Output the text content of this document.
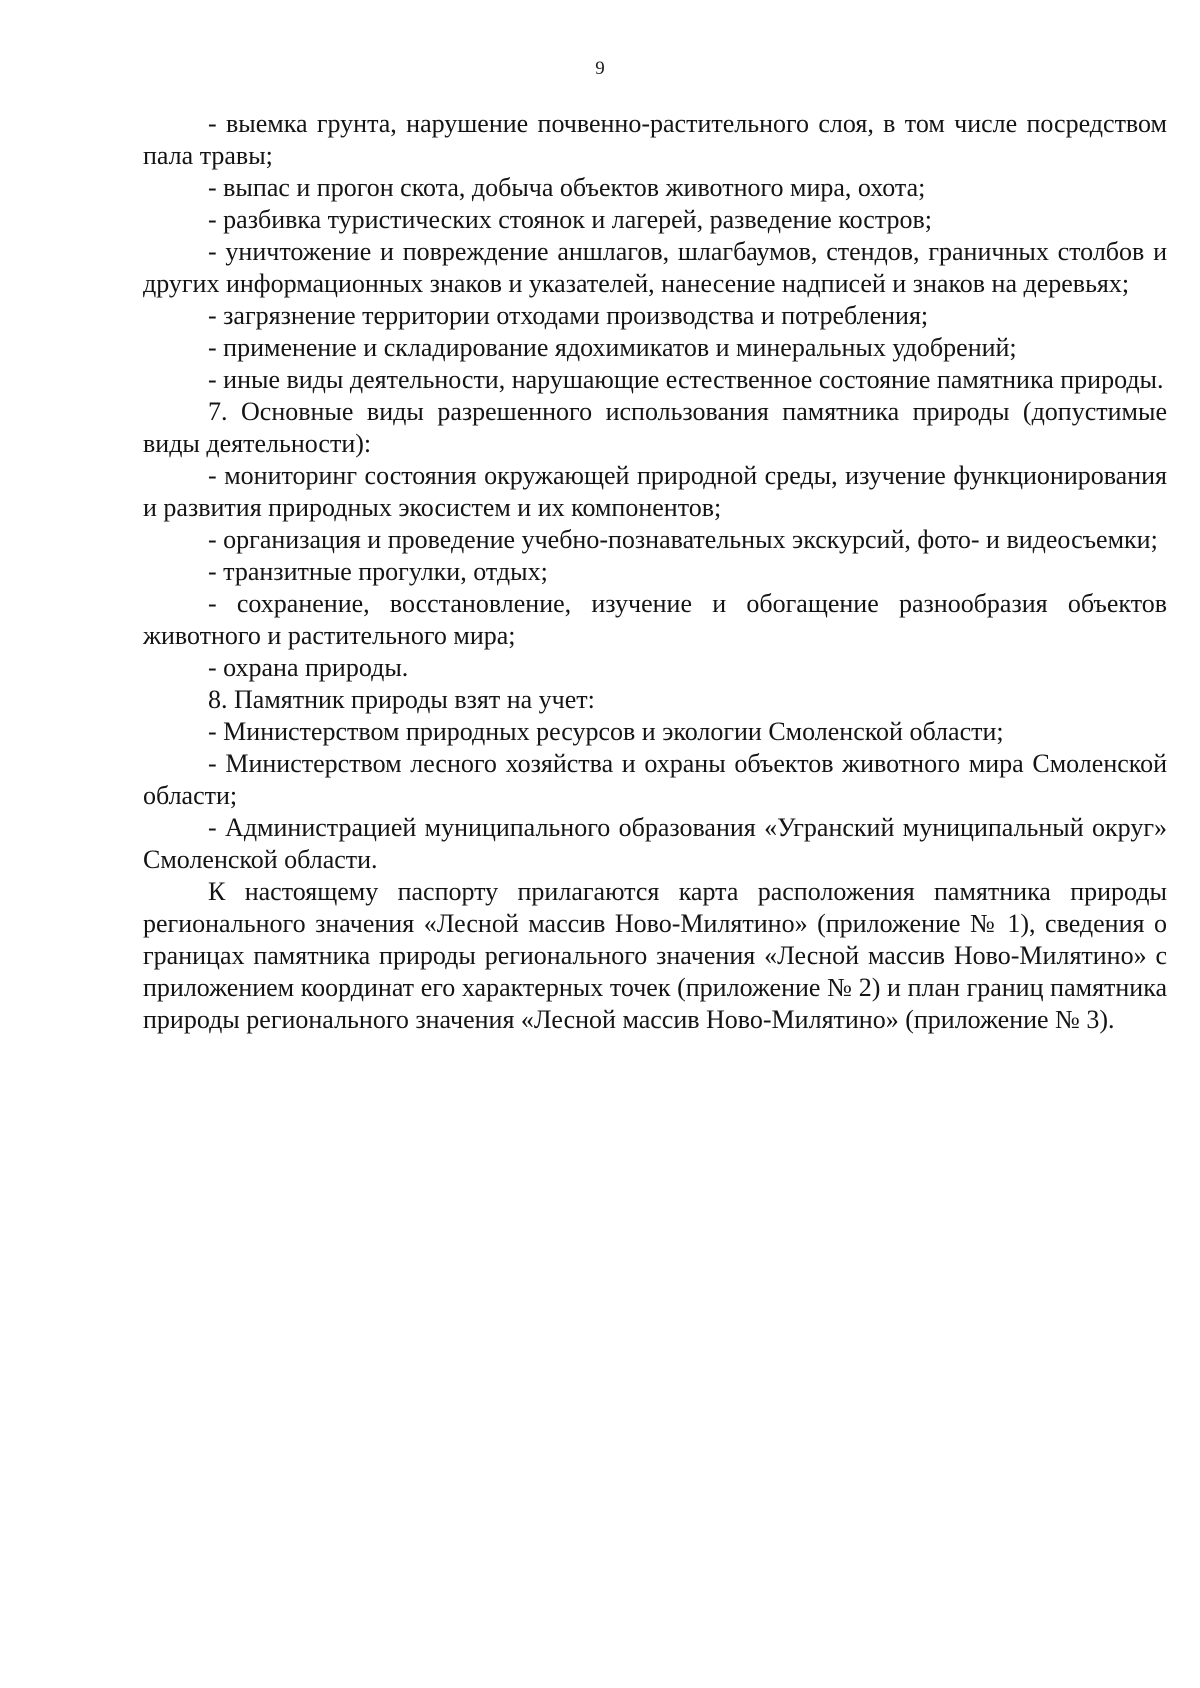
9

- выемка грунта, нарушение почвенно-растительного слоя, в том числе посредством пала травы;

- выпас и прогон скота, добыча объектов животного мира, охота;

- разбивка туристических стоянок и лагерей, разведение костров;

- уничтожение и повреждение аншлагов, шлагбаумов, стендов, граничных столбов и других информационных знаков и указателей, нанесение надписей и знаков на деревьях;

- загрязнение территории отходами производства и потребления;

- применение и складирование ядохимикатов и минеральных удобрений;

- иные виды деятельности, нарушающие естественное состояние памятника природы.

7. Основные виды разрешенного использования памятника природы (допустимые виды деятельности):

- мониторинг состояния окружающей природной среды, изучение функционирования и развития природных экосистем и их компонентов;

- организация и проведение учебно-познавательных экскурсий, фото- и видеосъемки;

- транзитные прогулки, отдых;

- сохранение, восстановление, изучение и обогащение разнообразия объектов животного и растительного мира;

- охрана природы.

8. Памятник природы взят на учет:

- Министерством природных ресурсов и экологии Смоленской области;

- Министерством лесного хозяйства и охраны объектов животного мира Смоленской области;

- Администрацией муниципального образования «Угранский муниципальный округ» Смоленской области.

К настоящему паспорту прилагаются карта расположения памятника природы регионального значения «Лесной массив Ново-Милятино» (приложение № 1), сведения о границах памятника природы регионального значения «Лесной массив Ново-Милятино» с приложением координат его характерных точек (приложение № 2) и план границ памятника природы регионального значения «Лесной массив Ново-Милятино» (приложение № 3).
